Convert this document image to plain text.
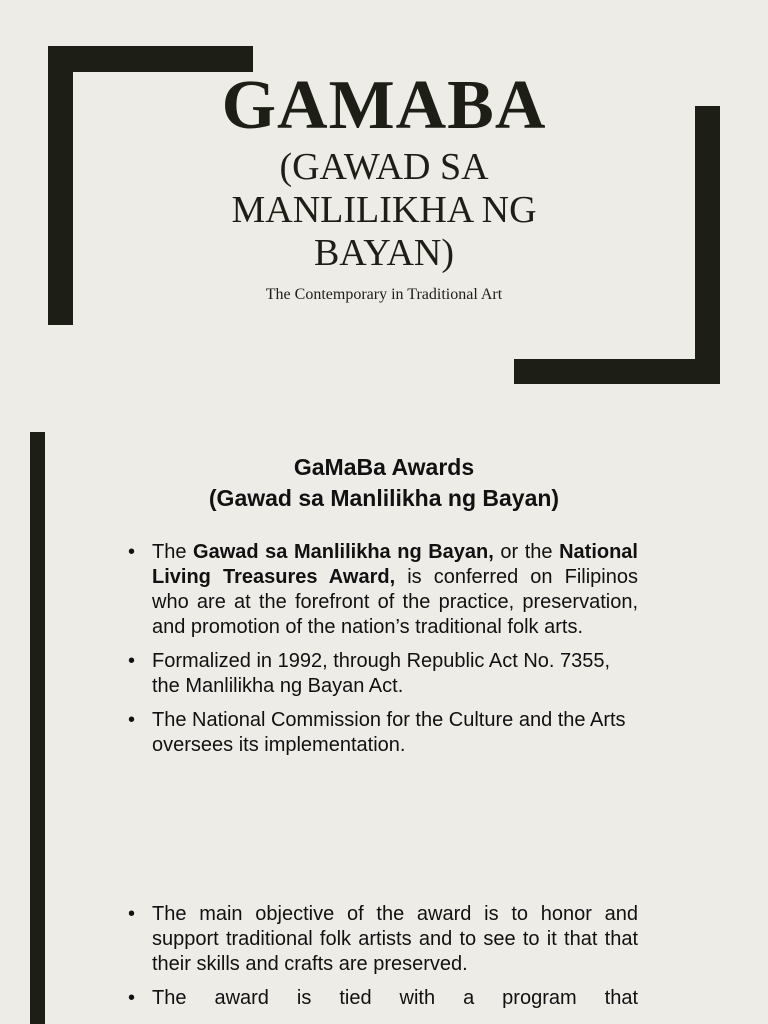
GAMABA
(GAWAD SA MANLILIKHA NG BAYAN)
The Contemporary in Traditional Art
GaMaBa Awards
(Gawad sa Manlilikha ng Bayan)
• The Gawad sa Manlilikha ng Bayan, or the National Living Treasures Award, is conferred on Filipinos who are at the forefront of the practice, preservation, and promotion of the nation’s traditional folk arts.
• Formalized in 1992, through Republic Act No. 7355, the Manlilikha ng Bayan Act.
• The National Commission for the Culture and the Arts oversees its implementation.
• The main objective of the award is to honor and support traditional folk artists and to see to it that that their skills and crafts are preserved.
• The award is tied with a program that
